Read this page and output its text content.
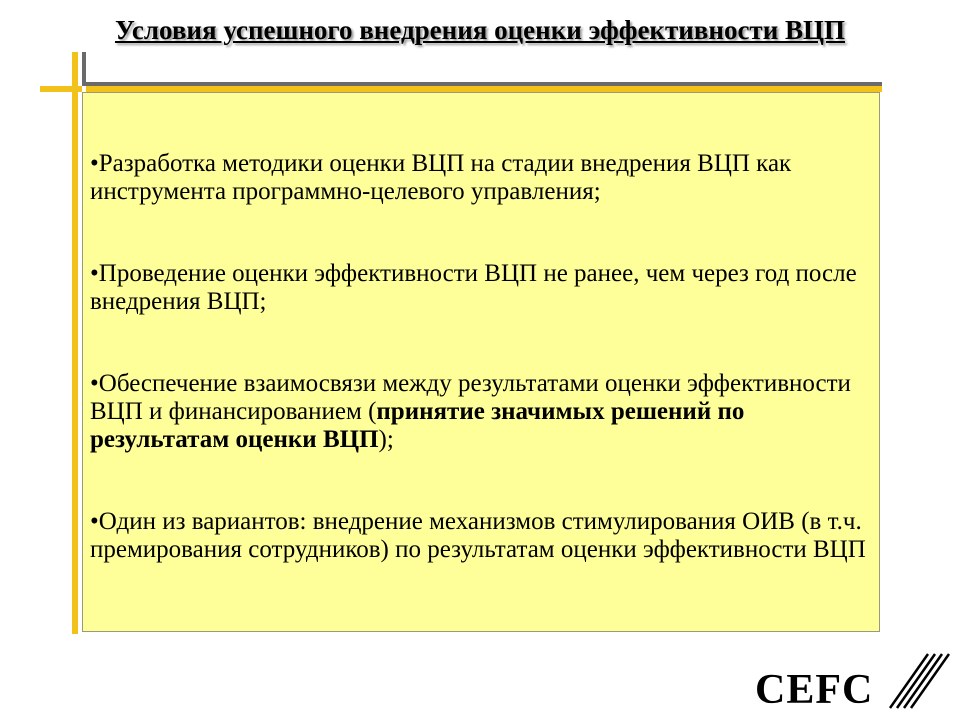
Условия успешного внедрения оценки эффективности ВЦП
•Разработка методики оценки ВЦП на стадии внедрения ВЦП как инструмента программно-целевого управления;
•Проведение оценки эффективности ВЦП не ранее, чем через год после внедрения ВЦП;
•Обеспечение взаимосвязи между результатами оценки эффективности ВЦП и финансированием (принятие значимых решений по результатам оценки ВЦП);
•Один из вариантов: внедрение механизмов стимулирования ОИВ (в т.ч. премирования сотрудников) по результатам оценки эффективности ВЦП
CEFC
